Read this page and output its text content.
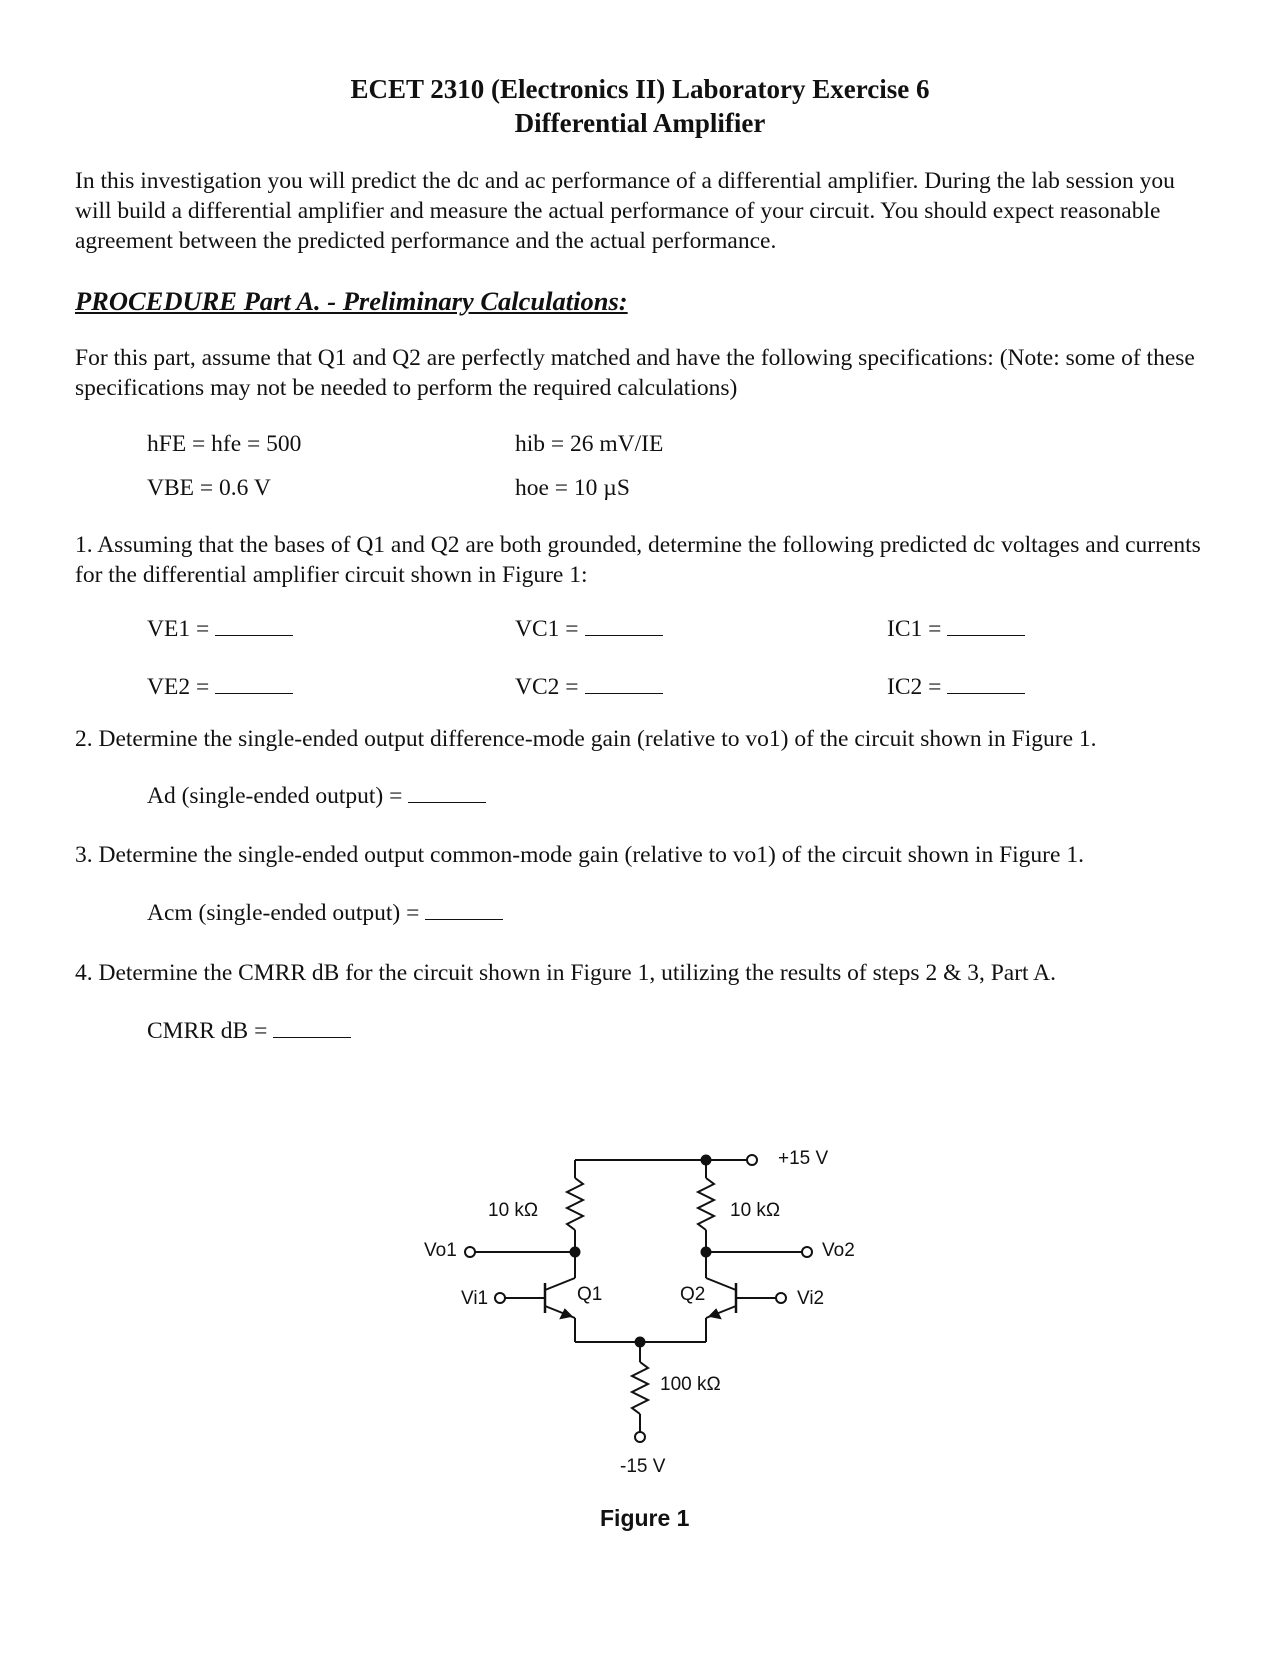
ECET 2310 (Electronics II) Laboratory Exercise 6
Differential Amplifier
In this investigation you will predict the dc and ac performance of a differential amplifier. During the lab session you will build a differential amplifier and measure the actual performance of your circuit. You should expect reasonable agreement between the predicted performance and the actual performance.
PROCEDURE Part A. - Preliminary Calculations:
For this part, assume that Q1 and Q2 are perfectly matched and have the following specifications: (Note: some of these specifications may not be needed to perform the required calculations)
hFE = hfe = 500	hib = 26 mV/IE
VBE = 0.6 V	hoe = 10 µS
1. Assuming that the bases of Q1 and Q2 are both grounded, determine the following predicted dc voltages and currents for the differential amplifier circuit shown in Figure 1:
VE1 =	VC1 =	IC1 =
VE2 =	VC2 =	IC2 =
2. Determine the single-ended output difference-mode gain (relative to vo1) of the circuit shown in Figure 1.
Ad (single-ended output) =
3. Determine the single-ended output common-mode gain (relative to vo1) of the circuit shown in Figure 1.
Acm (single-ended output) =
4. Determine the CMRR dB for the circuit shown in Figure 1, utilizing the results of steps 2 & 3, Part A.
CMRR dB =
+15 V
10 kΩ	10 kΩ
Vo1	Vo2
Vi1	Vi2
Q1	Q2
100 kΩ
-15 V
Figure 1
